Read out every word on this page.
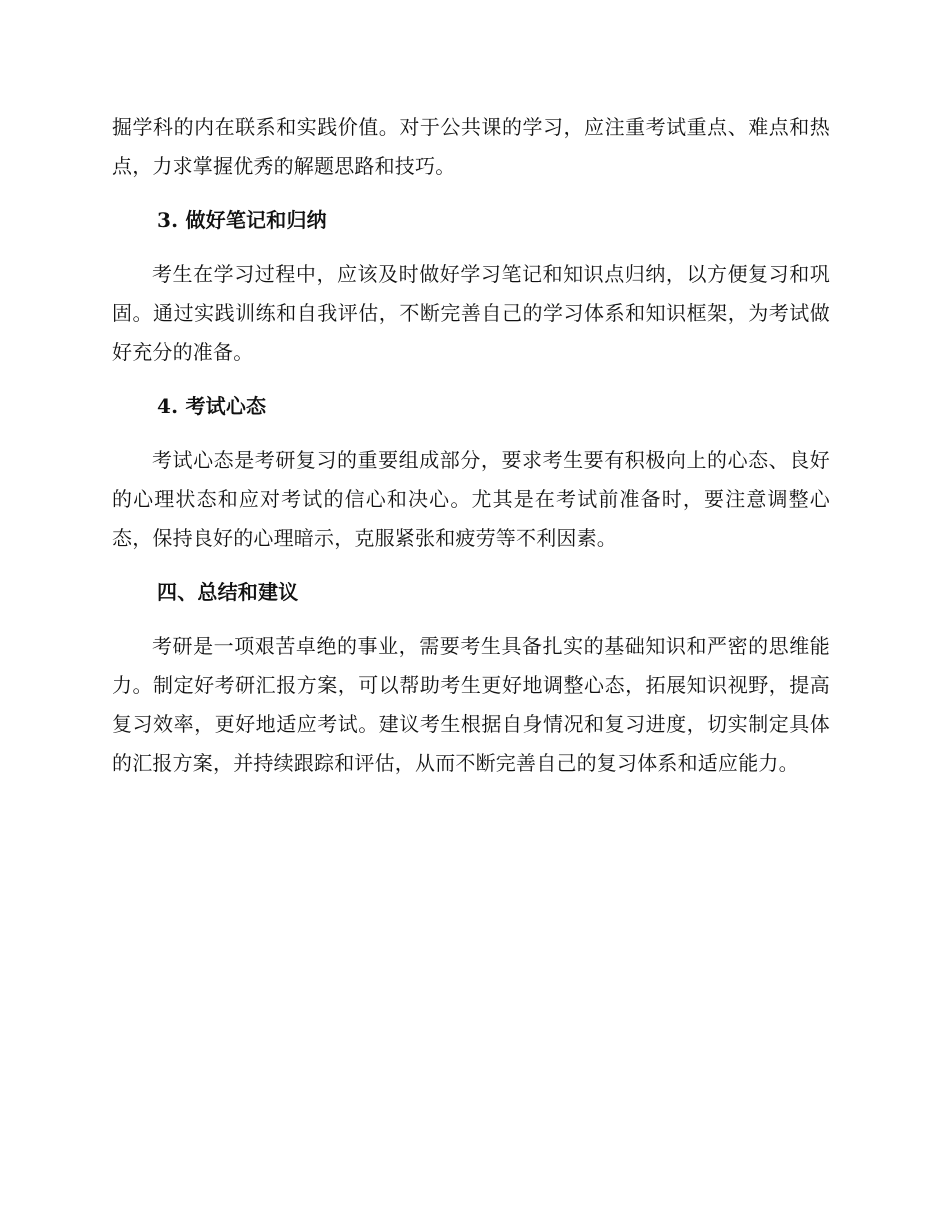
掘学科的内在联系和实践价值。对于公共课的学习，应注重考试重点、难点和热点，力求掌握优秀的解题思路和技巧。

3. 做好笔记和归纳

考生在学习过程中，应该及时做好学习笔记和知识点归纳，以方便复习和巩固。通过实践训练和自我评估，不断完善自己的学习体系和知识框架，为考试做好充分的准备。

4. 考试心态

考试心态是考研复习的重要组成部分，要求考生要有积极向上的心态、良好的心理状态和应对考试的信心和决心。尤其是在考试前准备时，要注意调整心态，保持良好的心理暗示，克服紧张和疲劳等不利因素。

四、总结和建议

考研是一项艰苦卓绝的事业，需要考生具备扎实的基础知识和严密的思维能力。制定好考研汇报方案，可以帮助考生更好地调整心态，拓展知识视野，提高复习效率，更好地适应考试。建议考生根据自身情况和复习进度，切实制定具体的汇报方案，并持续跟踪和评估，从而不断完善自己的复习体系和适应能力。
